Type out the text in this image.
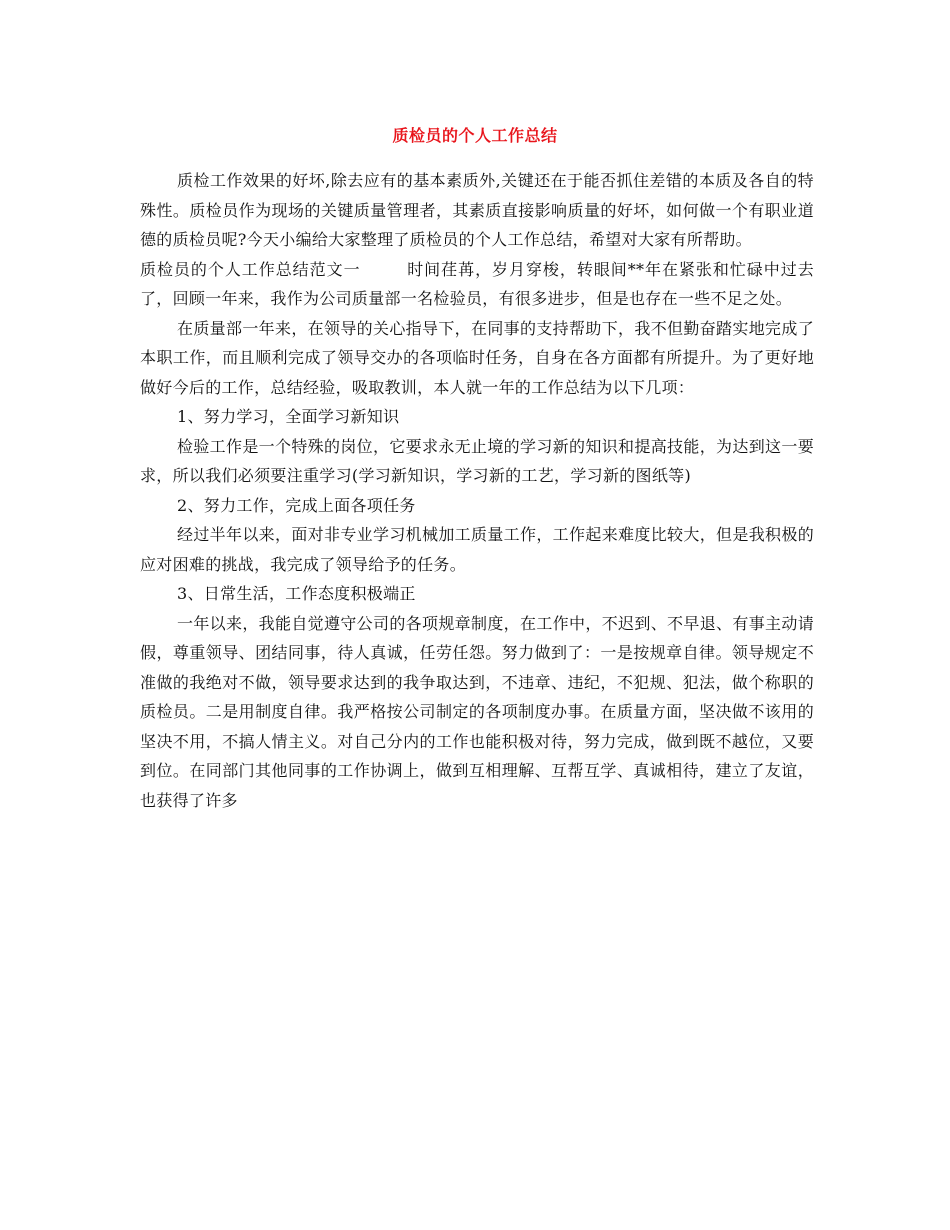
质检员的个人工作总结

质检工作效果的好坏,除去应有的基本素质外,关键还在于能否抓住差错的本质及各自的特殊性。质检员作为现场的关键质量管理者，其素质直接影响质量的好坏，如何做一个有职业道德的质检员呢?今天小编给大家整理了质检员的个人工作总结，希望对大家有所帮助。

质检员的个人工作总结范文一	时间荏苒，岁月穿梭，转眼间**年在紧张和忙碌中过去了，回顾一年来，我作为公司质量部一名检验员，有很多进步，但是也存在一些不足之处。

在质量部一年来，在领导的关心指导下，在同事的支持帮助下，我不但勤奋踏实地完成了本职工作，而且顺利完成了领导交办的各项临时任务，自身在各方面都有所提升。为了更好地做好今后的工作，总结经验，吸取教训，本人就一年的工作总结为以下几项：

1、努力学习，全面学习新知识

检验工作是一个特殊的岗位，它要求永无止境的学习新的知识和提高技能，为达到这一要求，所以我们必须要注重学习(学习新知识，学习新的工艺，学习新的图纸等)

2、努力工作，完成上面各项任务

经过半年以来，面对非专业学习机械加工质量工作，工作起来难度比较大，但是我积极的应对困难的挑战，我完成了领导给予的任务。

3、日常生活，工作态度积极端正

一年以来，我能自觉遵守公司的各项规章制度，在工作中，不迟到、不早退、有事主动请假，尊重领导、团结同事，待人真诚，任劳任怨。努力做到了：一是按规章自律。领导规定不准做的我绝对不做，领导要求达到的我争取达到，不违章、违纪，不犯规、犯法，做个称职的质检员。二是用制度自律。我严格按公司制定的各项制度办事。在质量方面，坚决做不该用的坚决不用，不搞人情主义。对自己分内的工作也能积极对待，努力完成，做到既不越位，又要到位。在同部门其他同事的工作协调上，做到互相理解、互帮互学、真诚相待，建立了友谊，也获得了许多
